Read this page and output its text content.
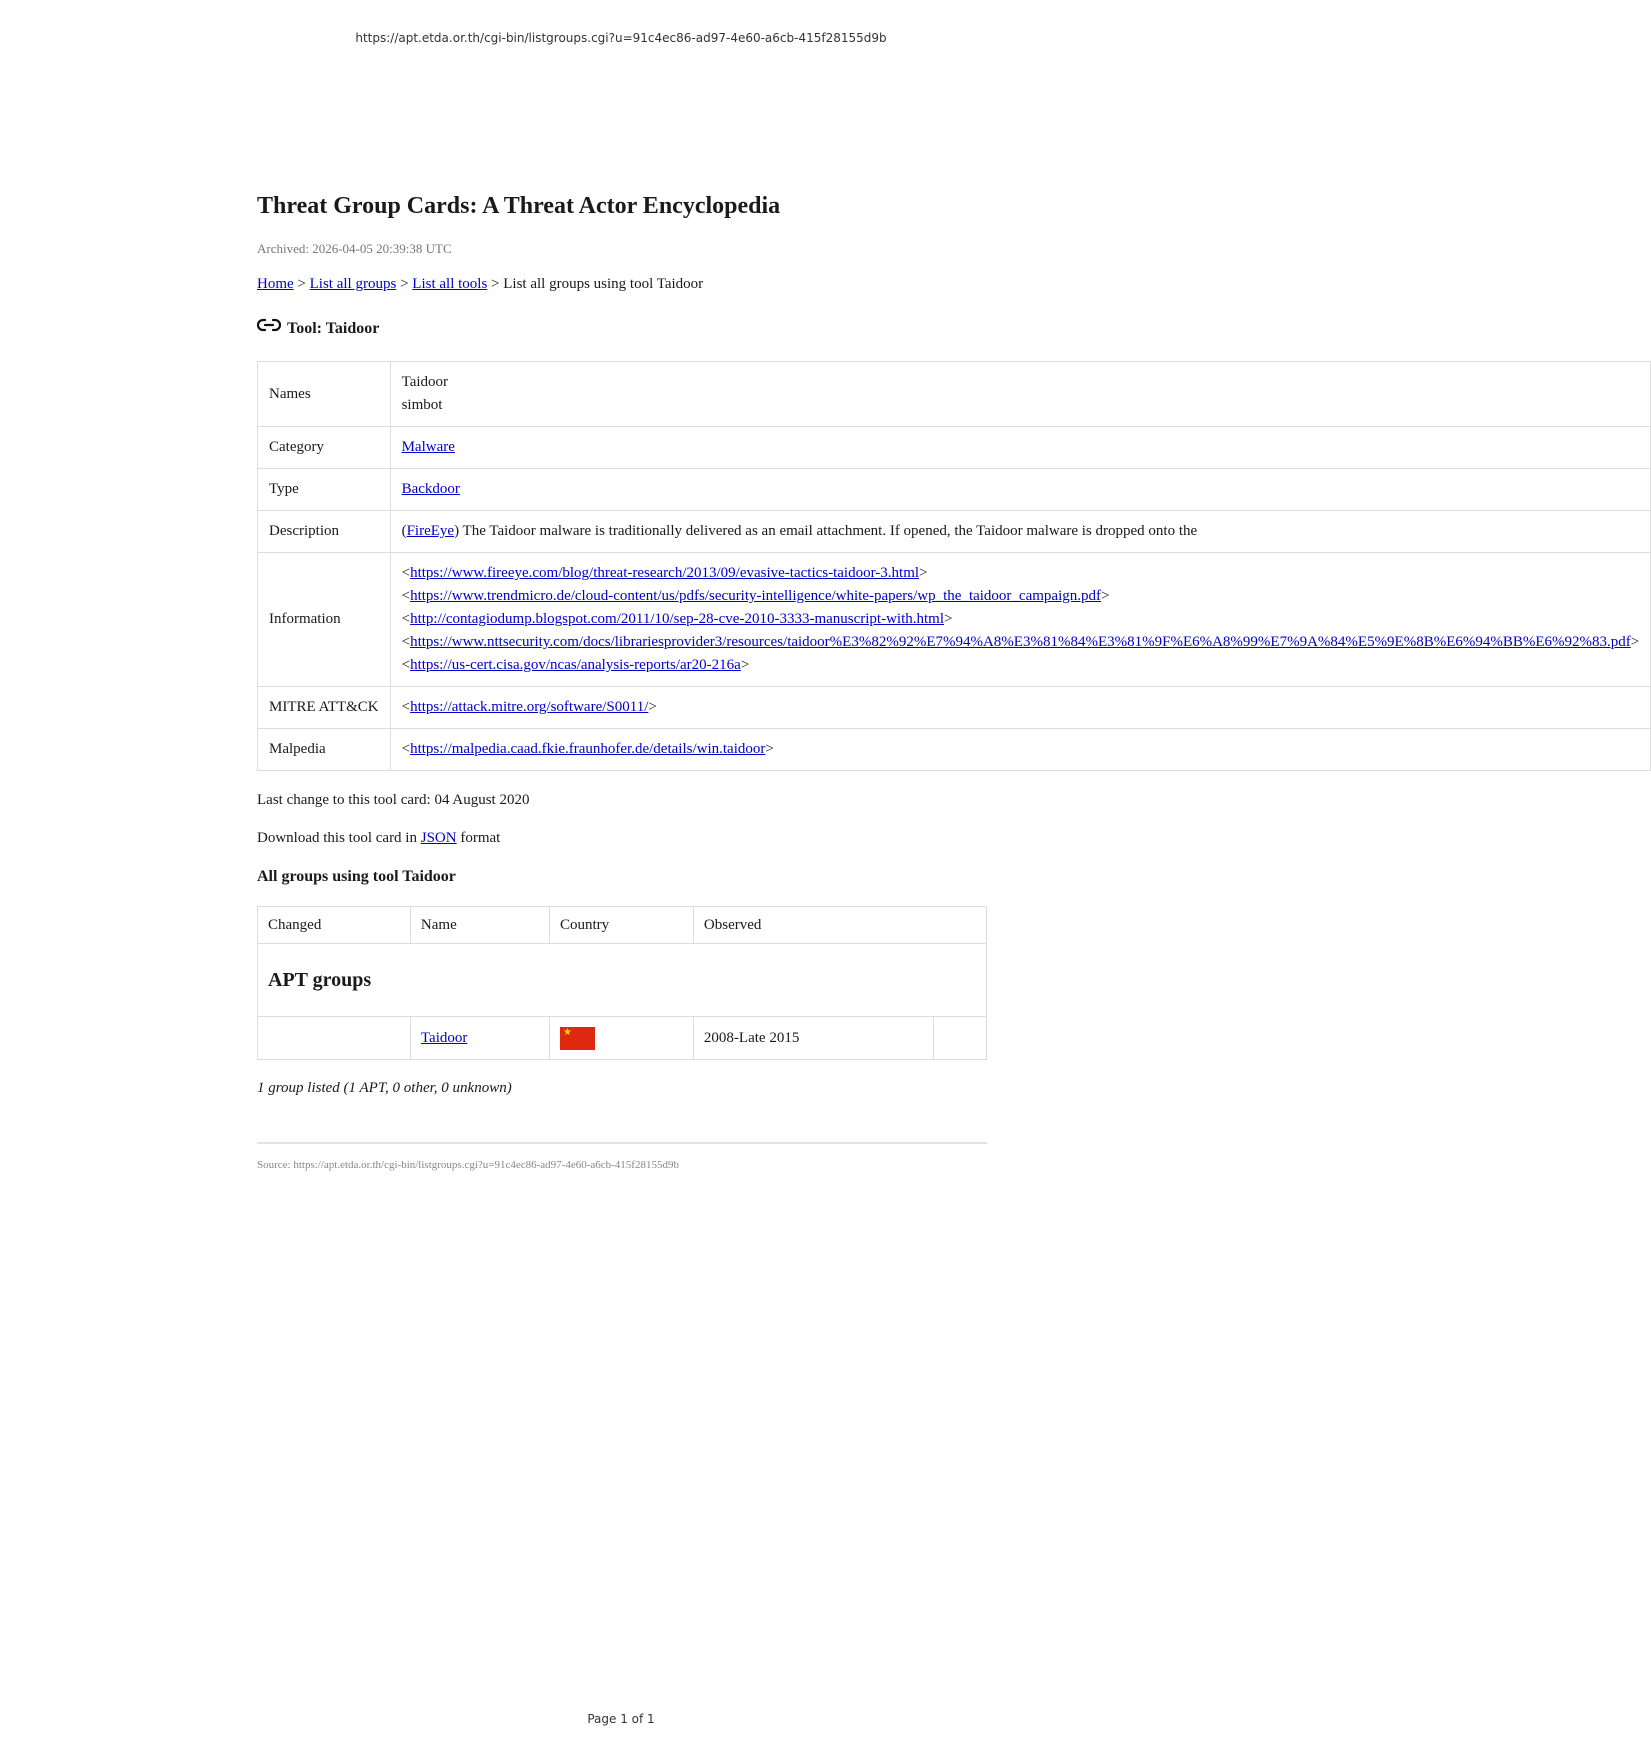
https://apt.etda.or.th/cgi-bin/listgroups.cgi?u=91c4ec86-ad97-4e60-a6cb-415f28155d9b
Threat Group Cards: A Threat Actor Encyclopedia
Archived: 2026-04-05 20:39:38 UTC
Home > List all groups > List all tools > List all groups using tool Taidoor
Tool: Taidoor
Names	Taidoor
simbot

Category	Malware
Type	Backdoor
Description	(FireEye) The Taidoor malware is traditionally delivered as an email attachment. If opened, the Taidoor malware is dropped onto the
Information	<https://www.fireeye.com/blog/threat-research/2013/09/evasive-tactics-taidoor-3.html>
<https://www.trendmicro.de/cloud-content/us/pdfs/security-intelligence/white-papers/wp_the_taidoor_campaign.pdf>
<http://contagiodump.blogspot.com/2011/10/sep-28-cve-2010-3333-manuscript-with.html>
<https://www.nttsecurity.com/docs/librariesprovider3/resources/taidoor%E3%82%92%E7%94%A8%E3%81%84%E3%81%9F%E6%A8%99%E7%9A%84%E5%9E%8B%E6%94%BB%E6%92%83.pdf>
<https://us-cert.cisa.gov/ncas/analysis-reports/ar20-216a>

MITRE ATT&CK	<https://attack.mitre.org/software/S0011/>
Malpedia	<https://malpedia.caad.fkie.fraunhofer.de/details/win.taidoor>
Last change to this tool card: 04 August 2020
Download this tool card in JSON format
All groups using tool Taidoor
Changed	Name	Country	Observed	
APT groups				
	Taidoor	★	2008-Late 2015	
1 group listed (1 APT, 0 other, 0 unknown)
Source: https://apt.etda.or.th/cgi-bin/listgroups.cgi?u=91c4ec86-ad97-4e60-a6cb-415f28155d9b
Page 1 of 1
